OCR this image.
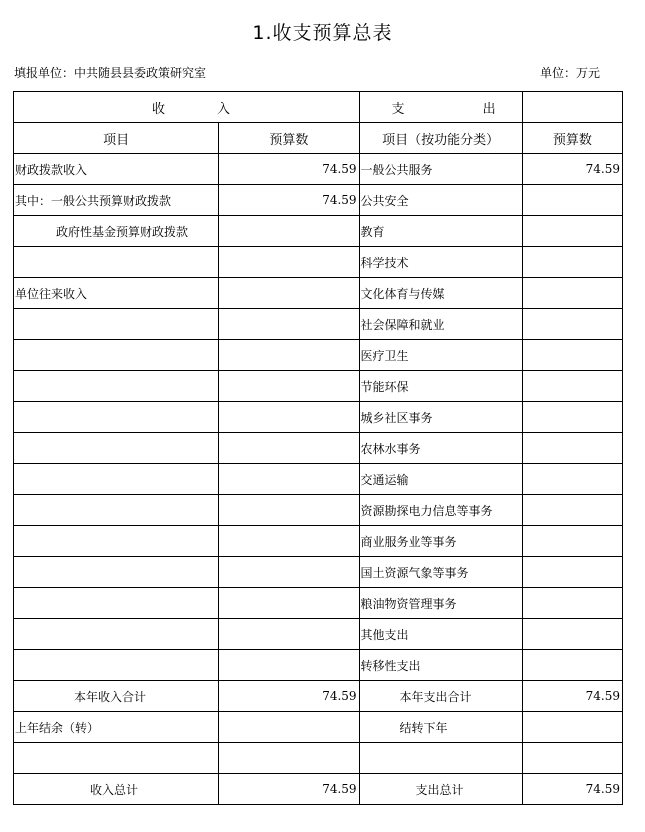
1.收支预算总表
填报单位：中共随县县委政策研究室	单位：万元
收 入		支 出	
项目	预算数	项目（按功能分类）	预算数
财政拨款收入	74.59	一般公共服务	74.59
其中：一般公共预算财政拨款	74.59	公共安全	
政府性基金预算财政拨款		教育	
		科学技术	
单位往来收入		文化体育与传媒	
		社会保障和就业	
		医疗卫生	
		节能环保	
		城乡社区事务	
		农林水事务	
		交通运输	
		资源勘探电力信息等事务	
		商业服务业等事务	
		国土资源气象等事务	
		粮油物资管理事务	
		其他支出	
		转移性支出	
本年收入合计	74.59	本年支出合计	74.59
上年结余（转）		结转下年	

收入总计	74.59	支出总计	74.59
